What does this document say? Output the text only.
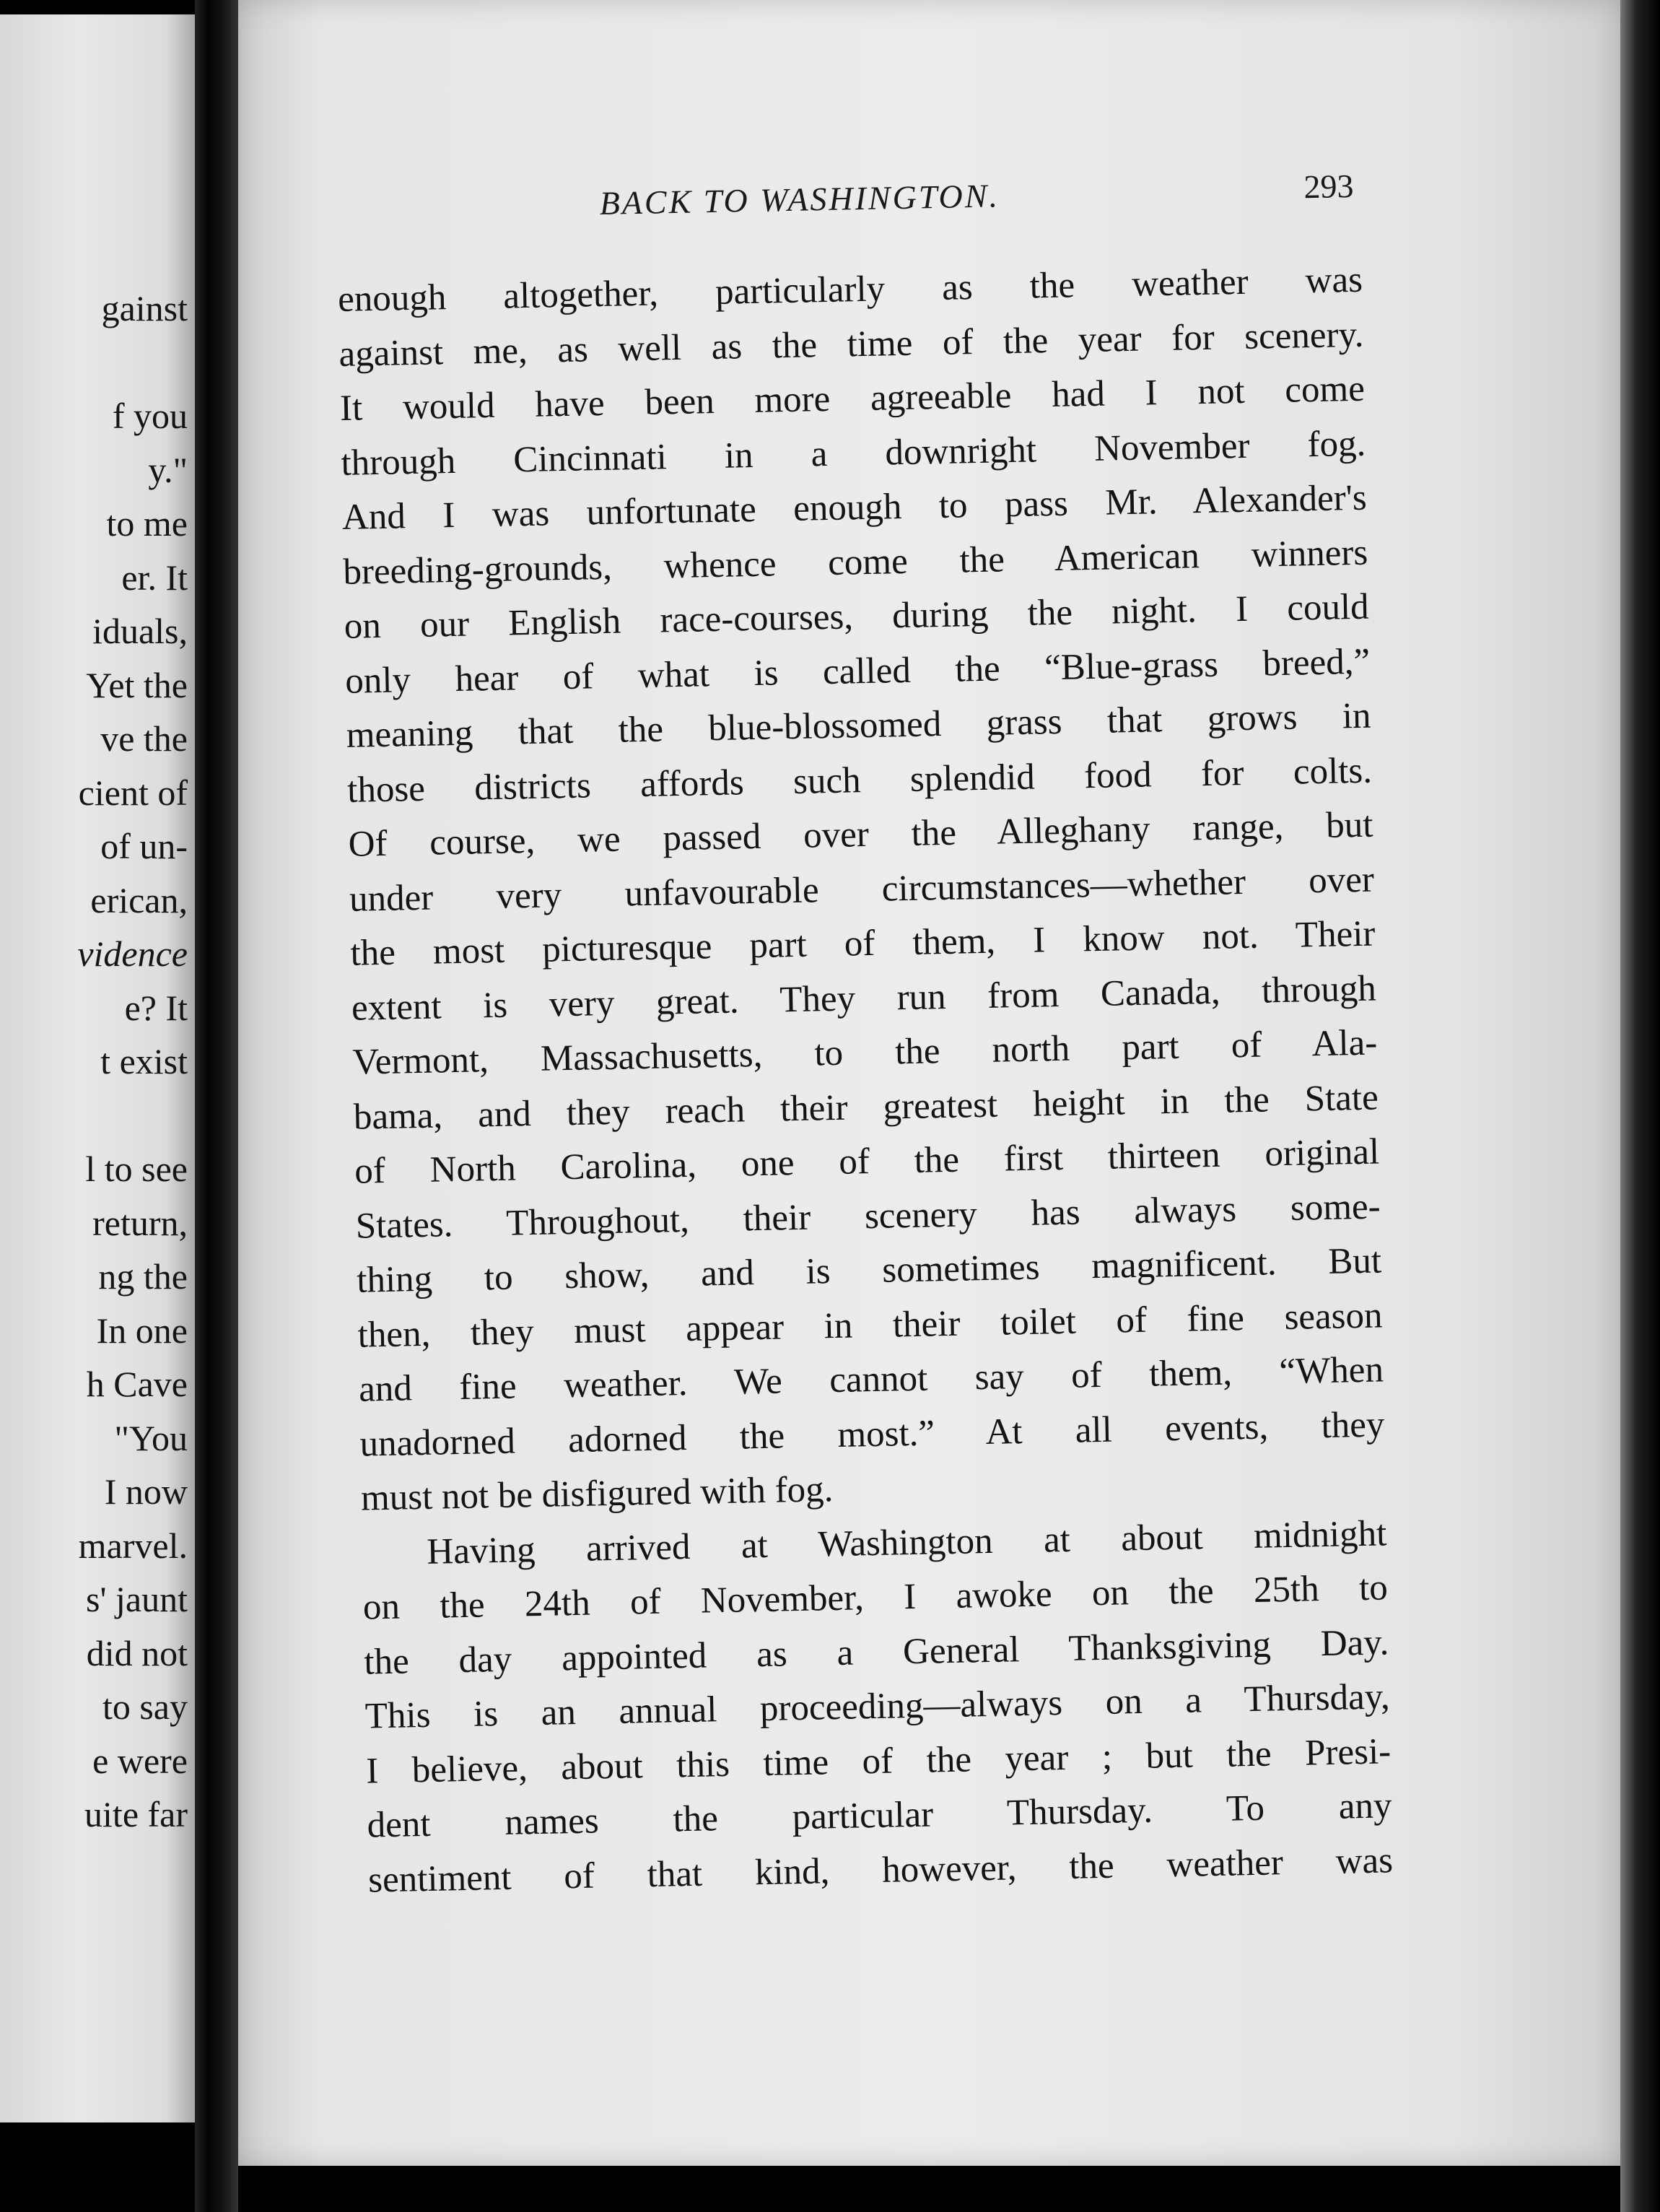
gainst
f you
y."
to me
er. It
iduals,
Yet the
ve the
cient of
of un-
erican,
vidence
e? It
t exist
l to see
return,
ng the
In one
h Cave
"You
I now
marvel.
s' jaunt
did not
to say
e were
uite far
BACK TO WASHINGTON.	293
enough altogether, particularly as the weather was
against me, as well as the time of the year for scenery.
It would have been more agreeable had I not come
through Cincinnati in a downright November fog.
And I was unfortunate enough to pass Mr. Alexander's
breeding-grounds, whence come the American winners
on our English race-courses, during the night. I could
only hear of what is called the “Blue-grass breed,”
meaning that the blue-blossomed grass that grows in
those districts affords such splendid food for colts.
Of course, we passed over the Alleghany range, but
under very unfavourable circumstances—whether over
the most picturesque part of them, I know not. Their
extent is very great. They run from Canada, through
Vermont, Massachusetts, to the north part of Ala-
bama, and they reach their greatest height in the State
of North Carolina, one of the first thirteen original
States. Throughout, their scenery has always some-
thing to show, and is sometimes magnificent. But
then, they must appear in their toilet of fine season
and fine weather. We cannot say of them, “When
unadorned adorned the most.” At all events, they
must not be disfigured with fog.
Having arrived at Washington at about midnight
on the 24th of November, I awoke on the 25th to
the day appointed as a General Thanksgiving Day.
This is an annual proceeding—always on a Thursday,
I believe, about this time of the year ; but the Presi-
dent names the particular Thursday. To any
sentiment of that kind, however, the weather was
